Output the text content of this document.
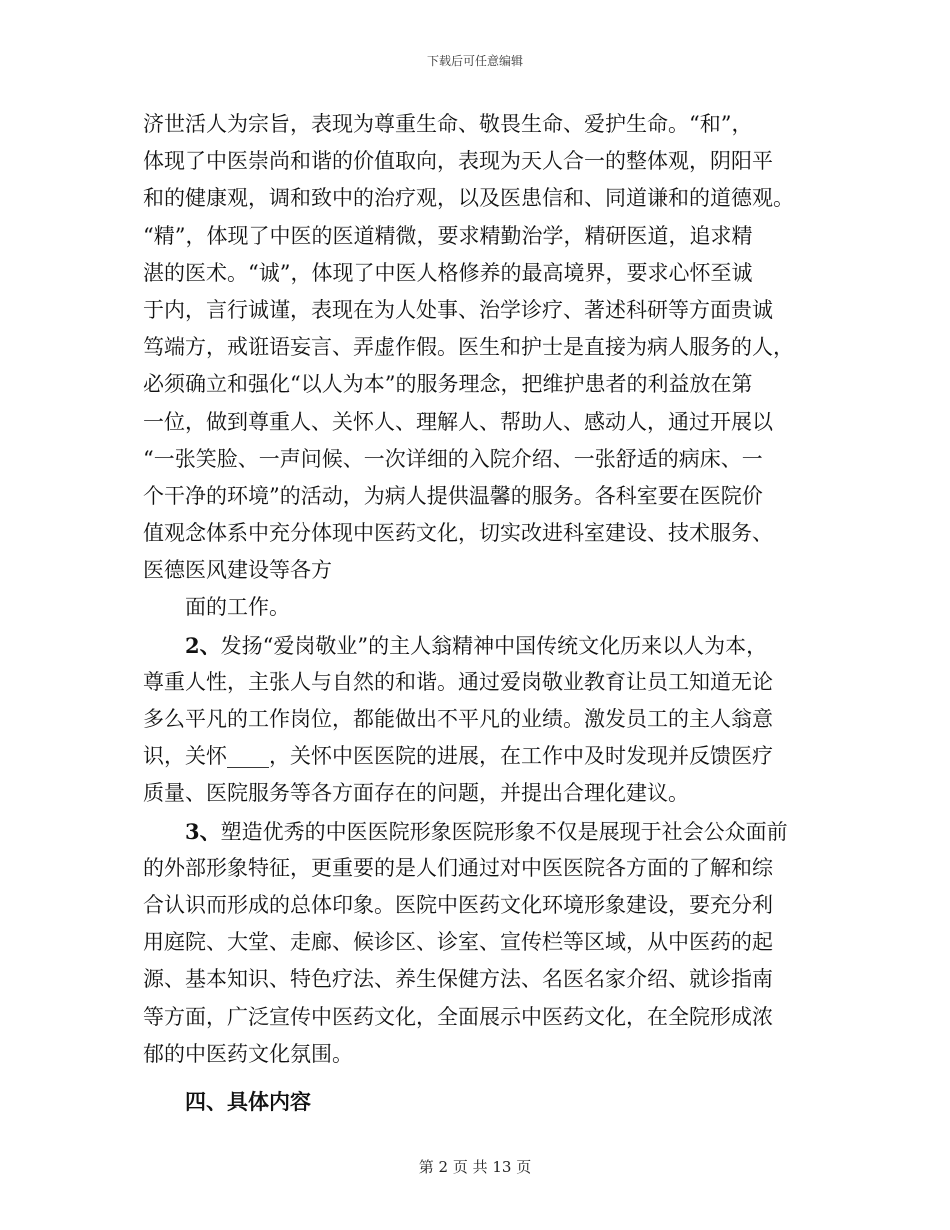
下载后可任意编辑
济世活人为宗旨，表现为尊重生命、敬畏生命、爱护生命。“和”，
体现了中医崇尚和谐的价值取向，表现为天人合一的整体观，阴阳平
和的健康观，调和致中的治疗观，以及医患信和、同道谦和的道德观。
“精”，体现了中医的医道精微，要求精勤治学，精研医道，追求精
湛的医术。“诚”，体现了中医人格修养的最高境界，要求心怀至诚
于内，言行诚谨，表现在为人处事、治学诊疗、著述科研等方面贵诚
笃端方，戒诳语妄言、弄虚作假。医生和护士是直接为病人服务的人，
必须确立和强化“以人为本”的服务理念，把维护患者的利益放在第
一位，做到尊重人、关怀人、理解人、帮助人、感动人，通过开展以
“一张笑脸、一声问候、一次详细的入院介绍、一张舒适的病床、一
个干净的环境”的活动，为病人提供温馨的服务。各科室要在医院价
值观念体系中充分体现中医药文化，切实改进科室建设、技术服务、
医德医风建设等各方
面的工作。
2、发扬“爱岗敬业”的主人翁精神中国传统文化历来以人为本，
尊重人性，主张人与自然的和谐。通过爱岗敬业教育让员工知道无论
多么平凡的工作岗位，都能做出不平凡的业绩。激发员工的主人翁意
识，关怀____，关怀中医医院的进展，在工作中及时发现并反馈医疗
质量、医院服务等各方面存在的问题，并提出合理化建议。
3、塑造优秀的中医医院形象医院形象不仅是展现于社会公众面前
的外部形象特征，更重要的是人们通过对中医医院各方面的了解和综
合认识而形成的总体印象。医院中医药文化环境形象建设，要充分利
用庭院、大堂、走廊、候诊区、诊室、宣传栏等区域，从中医药的起
源、基本知识、特色疗法、养生保健方法、名医名家介绍、就诊指南
等方面，广泛宣传中医药文化，全面展示中医药文化，在全院形成浓
郁的中医药文化氛围。
四、具体内容
第 2 页 共 13 页
